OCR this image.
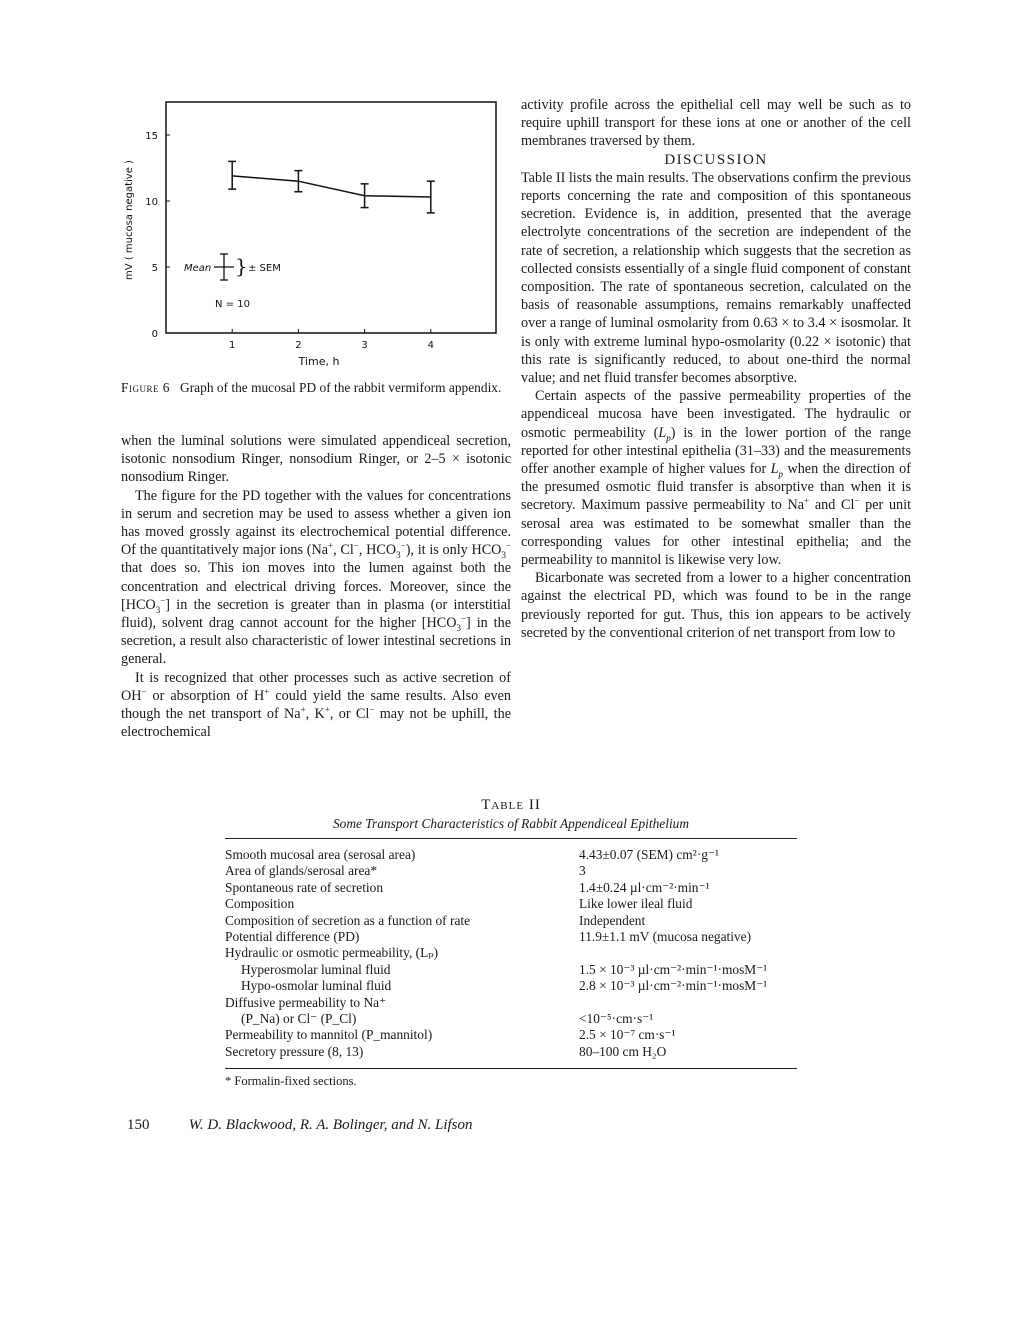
0
5
10
15
1	2	3	4
mV ( mucosa negative )
Time, h
Mean } ± SEM
N = 10
Figure 6 Graph of the mucosal PD of the rabbit vermiform appendix.

when the luminal solutions were simulated appendiceal secretion, isotonic nonsodium Ringer, nonsodium Ringer, or 2–5 × isotonic nonsodium Ringer.

The figure for the PD together with the values for concentrations in serum and secretion may be used to assess whether a given ion has moved grossly against its electrochemical potential difference. Of the quantitatively major ions (Na+, Cl−, $HCO_3^-$), it is only $HCO_3^-$ that does so. This ion moves into the lumen against both the concentration and electrical driving forces. Moreover, since the $[HCO_3^-]$ in the secretion is greater than in plasma (or interstitial fluid), solvent drag cannot account for the higher $[HCO_3^-]$ in the secretion, a result also characteristic of lower intestinal secretions in general.

It is recognized that other processes such as active secretion of OH− or absorption of H+ could yield the same results. Also even though the net transport of Na+, K+, or Cl− may not be uphill, the electrochemical

activity profile across the epithelial cell may well be such as to require uphill transport for these ions at one or another of the cell membranes traversed by them.

DISCUSSION

Table II lists the main results. The observations confirm the previous reports concerning the rate and composition of this spontaneous secretion. Evidence is, in addition, presented that the average electrolyte concentrations of the secretion are independent of the rate of secretion, a relationship which suggests that the secretion as collected consists essentially of a single fluid component of constant composition. The rate of spontaneous secretion, calculated on the basis of reasonable assumptions, remains remarkably unaffected over a range of luminal osmolarity from 0.63 × to 3.4 × isosmolar. It is only with extreme luminal hypo-osmolarity (0.22 × isotonic) that this rate is significantly reduced, to about one-third the normal value; and net fluid transfer becomes absorptive.

Certain aspects of the passive permeability properties of the appendiceal mucosa have been investigated. The hydraulic or osmotic permeability $(L_p)$ is in the lower portion of the range reported for other intestinal epithelia (31–33) and the measurements offer another example of higher values for $L_p$ when the direction of the presumed osmotic fluid transfer is absorptive than when it is secretory. Maximum passive permeability to Na+ and Cl− per unit serosal area was estimated to be somewhat smaller than the corresponding values for other intestinal epithelia; and the permeability to mannitol is likewise very low.

Bicarbonate was secreted from a lower to a higher concentration against the electrical PD, which was found to be in the range previously reported for gut. Thus, this ion appears to be actively secreted by the conventional criterion of net transport from low to

Table II
Some Transport Characteristics of Rabbit Appendiceal Epithelium
Smooth mucosal area (serosal area)	4.43±0.07 (SEM) cm²·g⁻¹
Area of glands/serosal area*	3
Spontaneous rate of secretion	1.4±0.24 µl·cm⁻²·min⁻¹
Composition	Like lower ileal fluid
Composition of secretion as a function of rate	Independent
Potential difference (PD)	11.9±1.1 mV (mucosa negative)
Hydraulic or osmotic permeability, (Lₚ)	
Hyperosmolar luminal fluid	1.5 × 10⁻³ µl·cm⁻²·min⁻¹·mosM⁻¹
Hypo-osmolar luminal fluid	2.8 × 10⁻³ µl·cm⁻²·min⁻¹·mosM⁻¹
Diffusive permeability to Na⁺	
(P_Na) or Cl⁻ (P_Cl)	<10⁻⁵·cm·s⁻¹
Permeability to mannitol (P_mannitol)	2.5 × 10⁻⁷ cm·s⁻¹
Secretory pressure (8, 13)	80–100 cm H₂O
* Formalin-fixed sections.
150	W. D. Blackwood, R. A. Bolinger, and N. Lifson
